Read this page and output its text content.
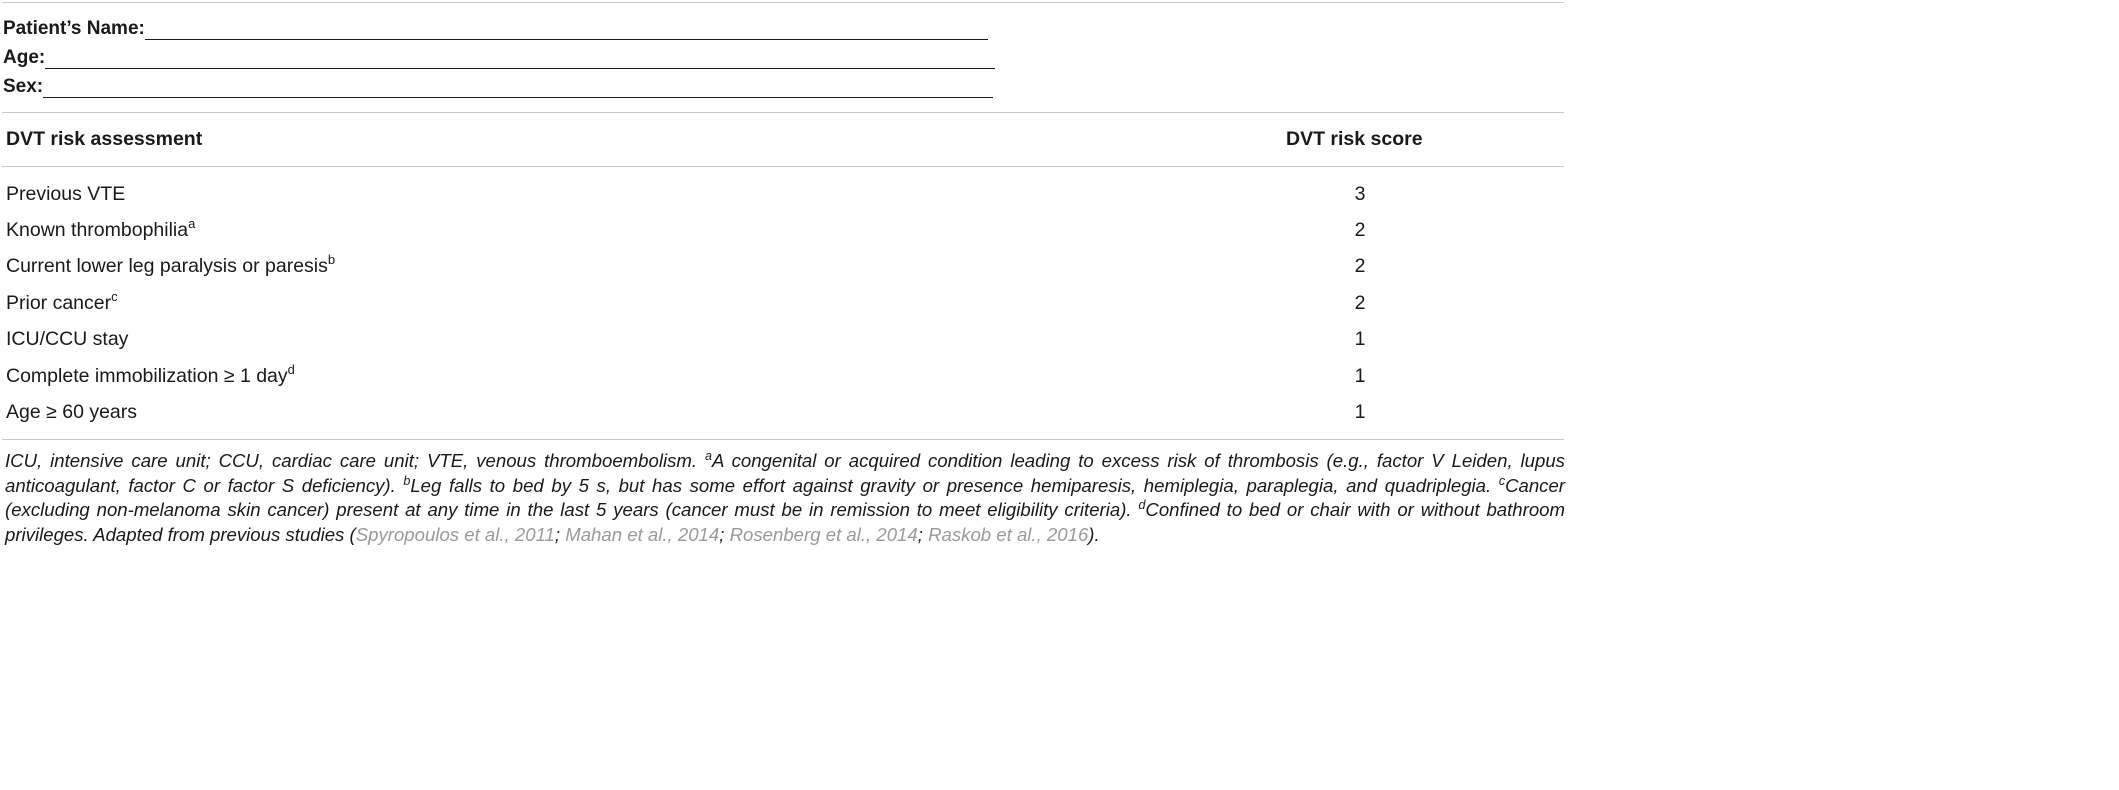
Patient’s Name:
Age:
Sex:
DVT risk assessment	DVT risk score
Previous VTE	3
Known thrombophilia$^a$	2
Current lower leg paralysis or paresis$^b$	2
Prior cancer$^c$	2
ICU/CCU stay	1
Complete immobilization ≥ 1 day$^d$	1
Age ≥ 60 years	1
ICU, intensive care unit; CCU, cardiac care unit; VTE, venous thromboembolism. $^a$A congenital or acquired condition leading to excess risk of thrombosis (e.g., factor V Leiden, lupus anticoagulant, factor C or factor S deficiency). $^b$Leg falls to bed by 5 s, but has some effort against gravity or presence hemiparesis, hemiplegia, paraplegia, and quadriplegia. $^c$Cancer (excluding non-melanoma skin cancer) present at any time in the last 5 years (cancer must be in remission to meet eligibility criteria). $^d$Confined to bed or chair with or without bathroom privileges. Adapted from previous studies (Spyropoulos et al., 2011; Mahan et al., 2014; Rosenberg et al., 2014; Raskob et al., 2016).
